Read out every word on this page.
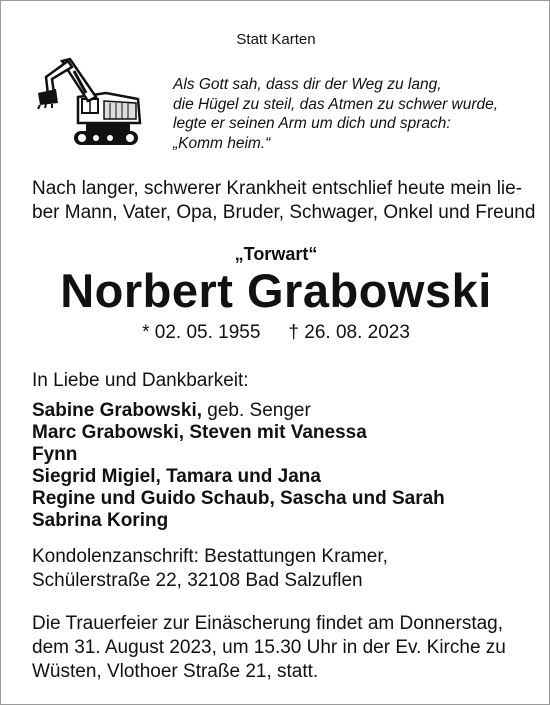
Statt Karten
Als Gott sah, dass dir der Weg zu lang,
die Hügel zu steil, das Atmen zu schwer wurde,
legte er seinen Arm um dich und sprach:
„Komm heim.“
Nach langer, schwerer Krankheit entschlief heute mein lie-
ber Mann, Vater, Opa, Bruder, Schwager, Onkel und Freund
„Torwart“
Norbert Grabowski
* 02. 05. 1955 † 26. 08. 2023
In Liebe und Dankbarkeit:
Sabine Grabowski, geb. Senger
Marc Grabowski, Steven mit Vanessa
Fynn
Siegrid Migiel, Tamara und Jana
Regine und Guido Schaub, Sascha und Sarah
Sabrina Koring
Kondolenzanschrift: Bestattungen Kramer,
Schülerstraße 22, 32108 Bad Salzuflen
Die Trauerfeier zur Einäscherung findet am Donnerstag,
dem 31. August 2023, um 15.30 Uhr in der Ev. Kirche zu
Wüsten, Vlothoer Straße 21, statt.
